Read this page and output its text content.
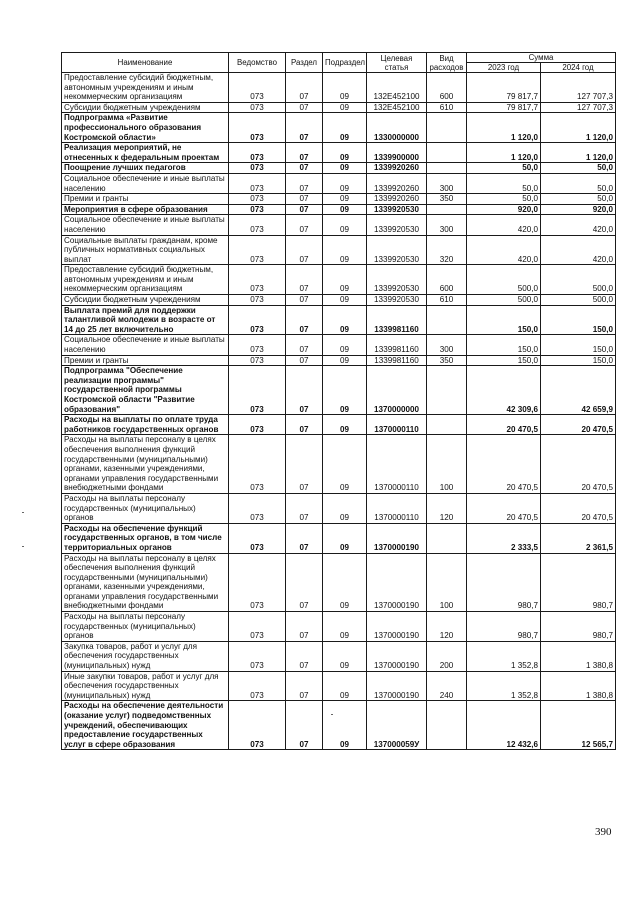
Наименование	Ведомство	Раздел	Подраздел	Целевая статья	Вид расходов	Сумма	
						2023 год	2024 год
Предоставление субсидий бюджетным, автономным учреждениям и иным некоммерческим организациям	073	07	09	132E452100	600	79 817,7	127 707,3
Субсидии бюджетным учреждениям	073	07	09	132E452100	610	79 817,7	127 707,3
Подпрограмма «Развитие профессионального образования Костромской области»	073	07	09	1330000000		1 120,0	1 120,0
Реализация мероприятий, не отнесенных к федеральным проектам	073	07	09	1339900000		1 120,0	1 120,0
Поощрение лучших педагогов	073	07	09	1339920260		50,0	50,0
Социальное обеспечение и иные выплаты населению	073	07	09	1339920260	300	50,0	50,0
Премии и гранты	073	07	09	1339920260	350	50,0	50,0
Мероприятия в сфере образования	073	07	09	1339920530		920,0	920,0
Социальное обеспечение и иные выплаты населению	073	07	09	1339920530	300	420,0	420,0
Социальные выплаты гражданам, кроме публичных нормативных социальных выплат	073	07	09	1339920530	320	420,0	420,0
Предоставление субсидий бюджетным, автономным учреждениям и иным некоммерческим организациям	073	07	09	1339920530	600	500,0	500,0
Субсидии бюджетным учреждениям	073	07	09	1339920530	610	500,0	500,0
Выплата премий для поддержки талантливой молодежи в возрасте от 14 до 25 лет включительно	073	07	09	1339981160		150,0	150,0
Социальное обеспечение и иные выплаты населению	073	07	09	1339981160	300	150,0	150,0
Премии и гранты	073	07	09	1339981160	350	150,0	150,0
Подпрограмма "Обеспечение реализации программы" государственной программы Костромской области "Развитие образования"	073	07	09	1370000000		42 309,6	42 659,9
Расходы на выплаты по оплате труда работников государственных органов	073	07	09	1370000110		20 470,5	20 470,5
Расходы на выплаты персоналу в целях обеспечения выполнения функций государственными (муниципальными) органами, казенными учреждениями, органами управления государственными внебюджетными фондами	073	07	09	1370000110	100	20 470,5	20 470,5
Расходы на выплаты персоналу государственных (муниципальных) органов	073	07	09	1370000110	120	20 470,5	20 470,5
Расходы на обеспечение функций государственных органов, в том числе территориальных органов	073	07	09	1370000190		2 333,5	2 361,5
Расходы на выплаты персоналу в целях обеспечения выполнения функций государственными (муниципальными) органами, казенными учреждениями, органами управления государственными внебюджетными фондами	073	07	09	1370000190	100	980,7	980,7
Расходы на выплаты персоналу государственных (муниципальных) органов	073	07	09	1370000190	120	980,7	980,7
Закупка товаров, работ и услуг для обеспечения государственных (муниципальных) нужд	073	07	09	1370000190	200	1 352,8	1 380,8
Иные закупки товаров, работ и услуг для обеспечения государственных (муниципальных) нужд	073	07	09	1370000190	240	1 352,8	1 380,8
Расходы на обеспечение деятельности (оказание услуг) подведомственных учреждений, обеспечивающих предоставление государственных услуг в сфере образования	073	07	09	137000059У		12 432,6	12 565,7
390
